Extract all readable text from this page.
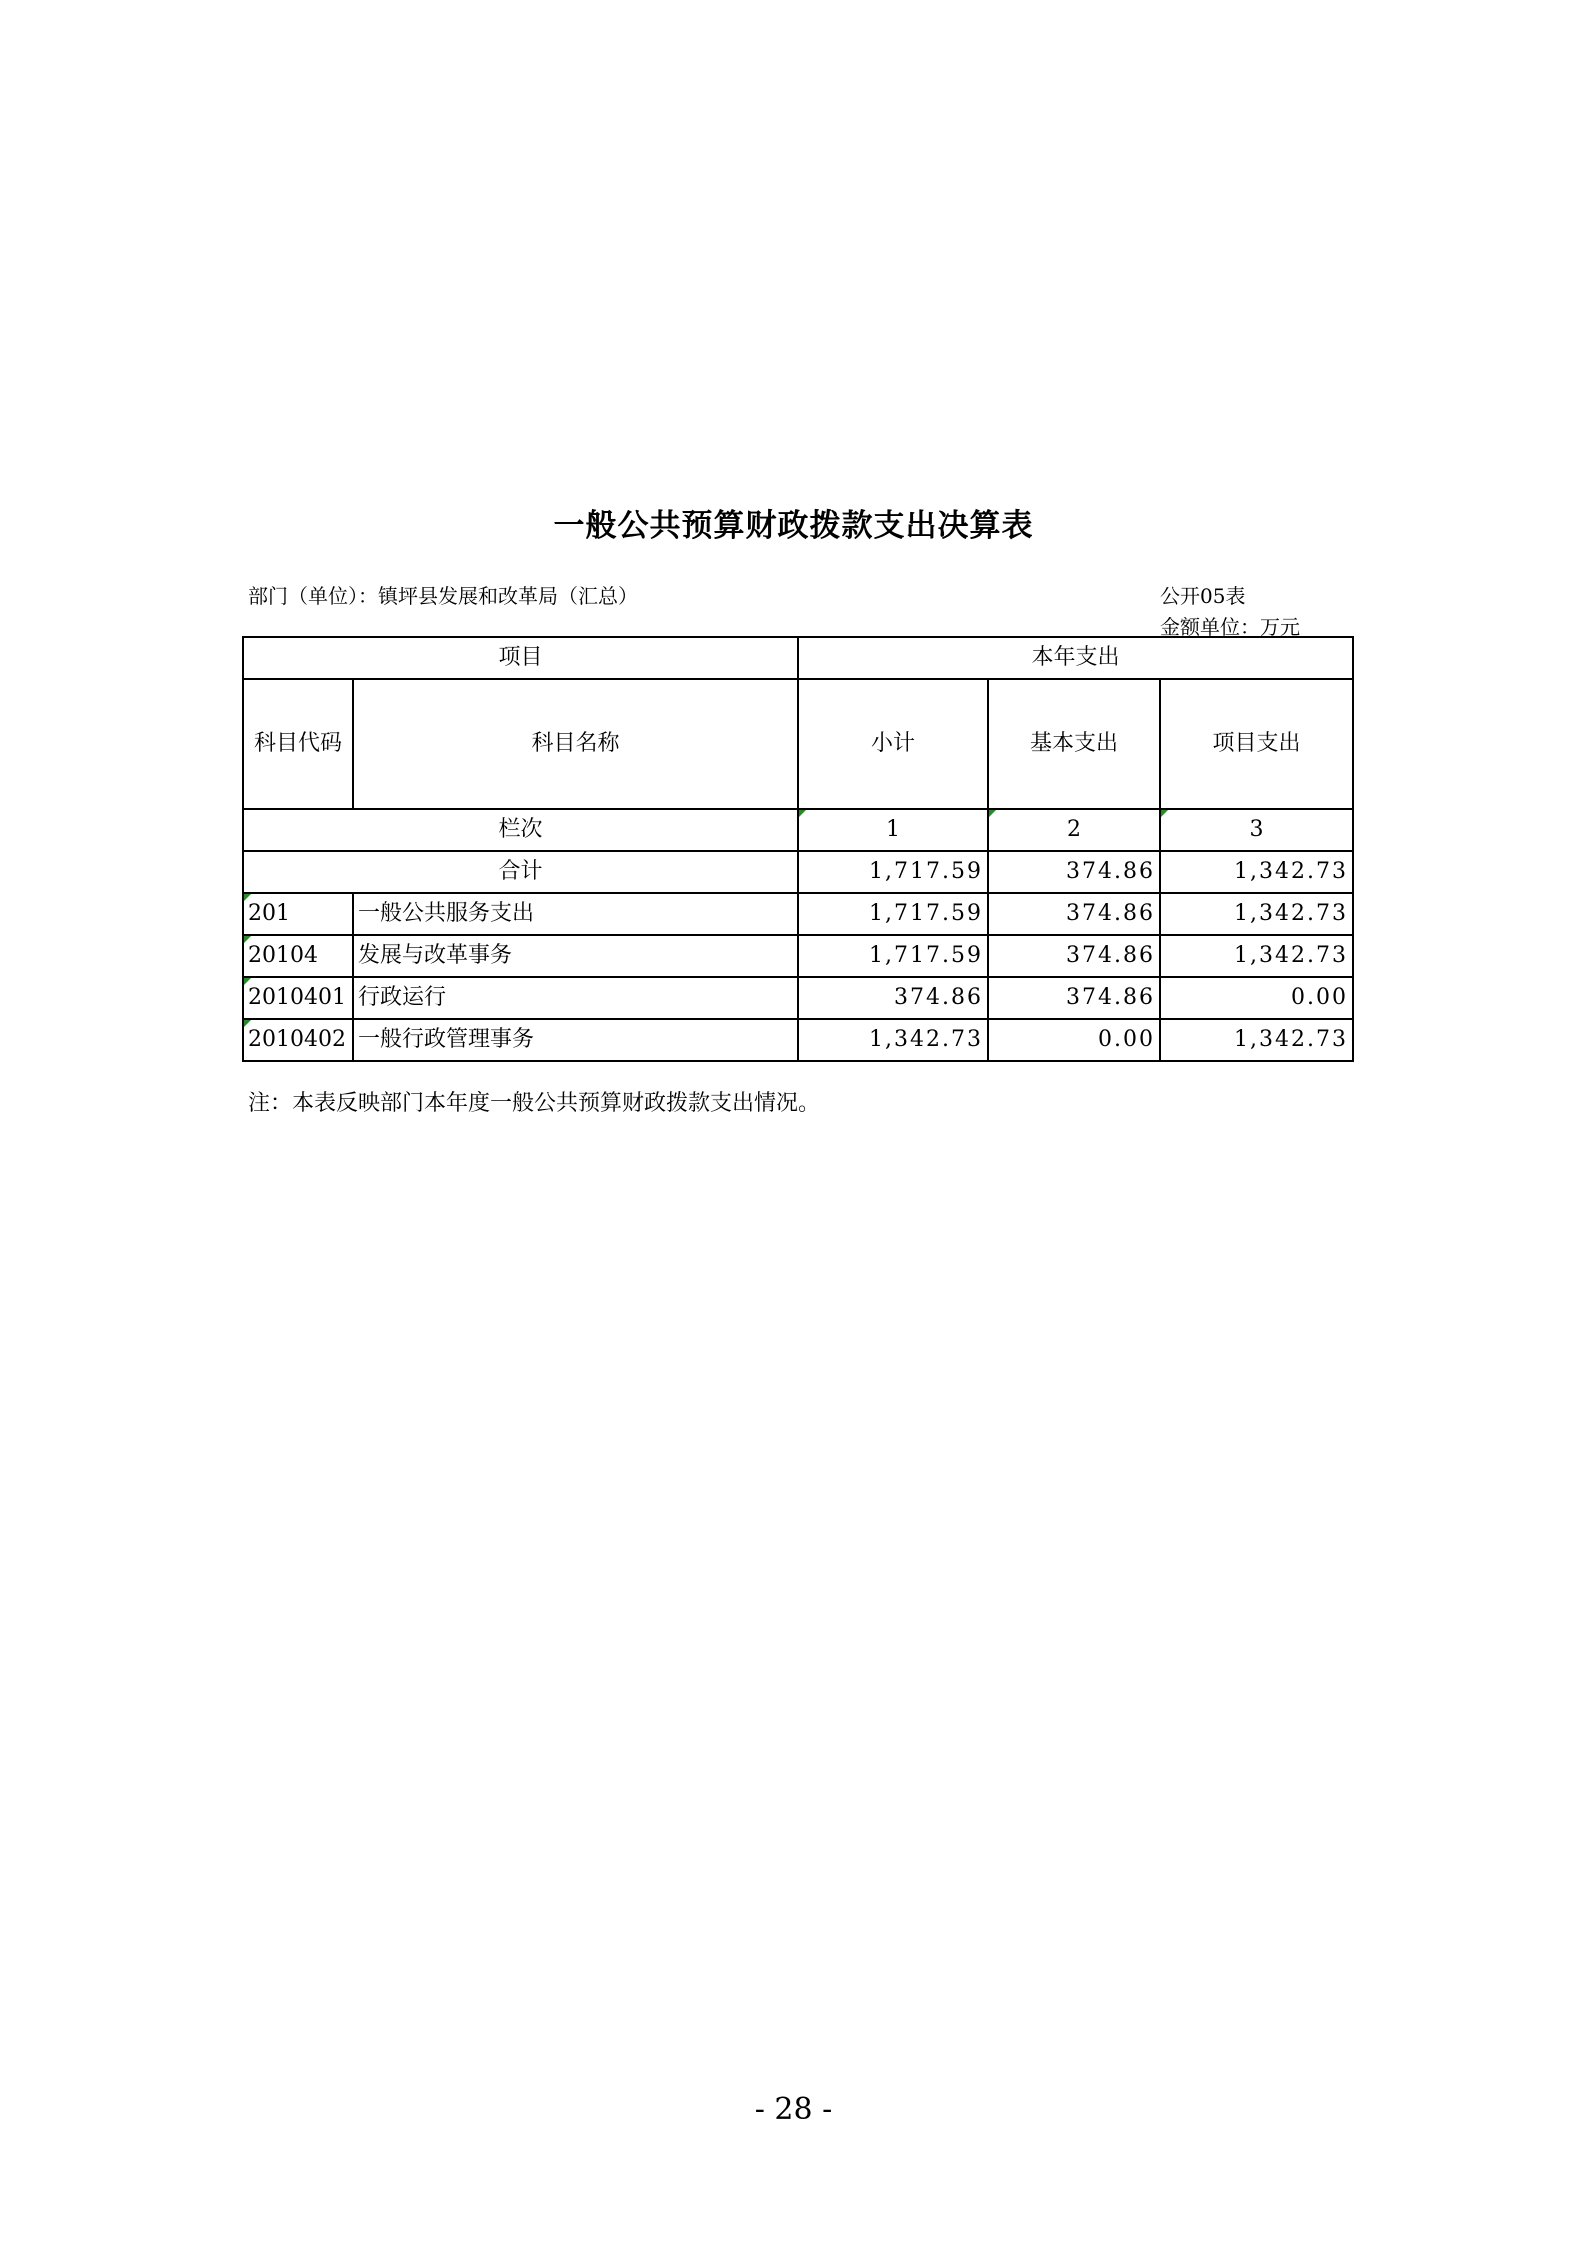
一般公共预算财政拨款支出决算表
部门（单位）：镇坪县发展和改革局（汇总）	公开05表
金额单位：万元
项目		本年支出		
科目代码	科目名称	小计	基本支出	项目支出
栏次		1	2	3
合计		1,717.59	374.86	1,342.73

201	一般公共服务支出	1,717.59	374.86	1,342.73

20104	发展与改革事务	1,717.59	374.86	1,342.73

2010401	行政运行	374.86	374.86	0.00

2010402	一般行政管理事务	1,342.73	0.00	1,342.73
注：本表反映部门本年度一般公共预算财政拨款支出情况。
- 28 -
